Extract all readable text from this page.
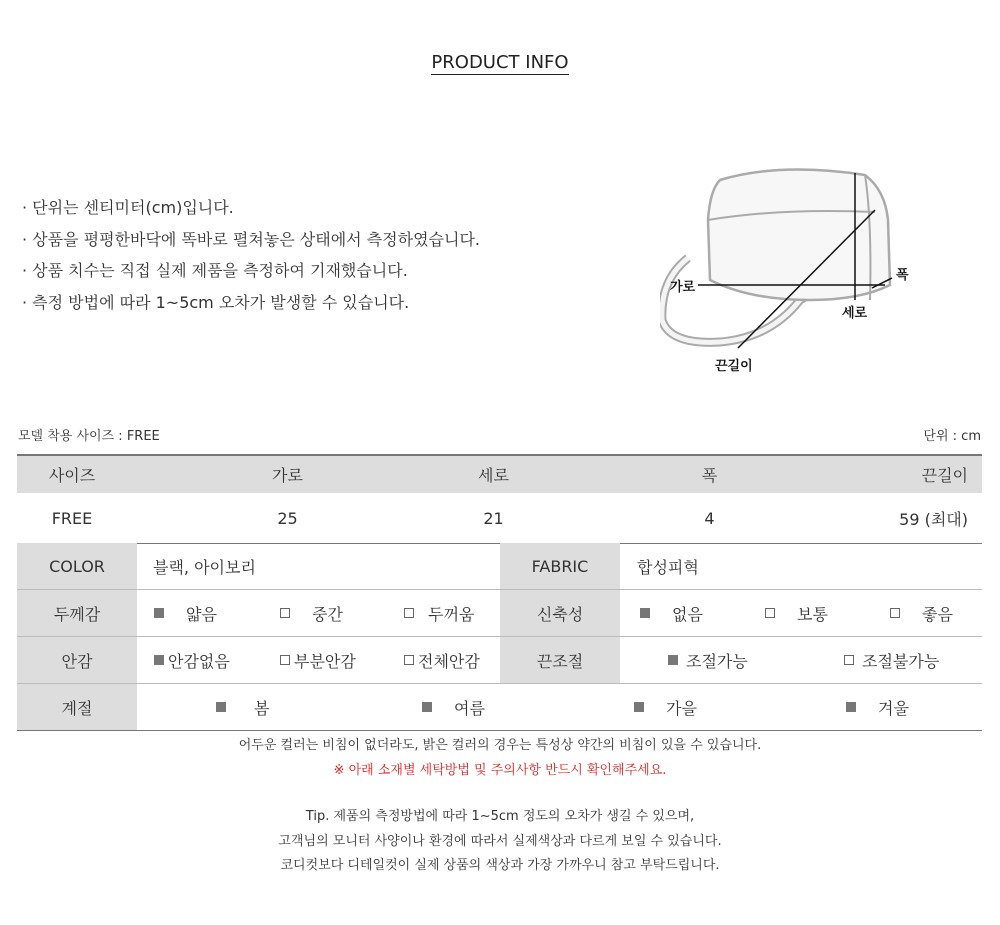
PRODUCT INFO
· 단위는 센티미터(cm)입니다.
· 상품을 평평한바닥에 똑바로 펼쳐놓은 상태에서 측정하였습니다.
· 상품 치수는 직접 실제 제품을 측정하여 기재했습니다.
· 측정 방법에 따라 1~5cm 오차가 발생할 수 있습니다.
가로
세로
폭
끈길이
모델 착용 사이즈 : FREE	단위 : cm
사이즈	가로	세로	폭	끈길이
FREE	25	21	4	59 (최대)
COLOR	블랙, 아이보리	FABRIC	합성피혁
두께감	얇음	중간	두꺼움	신축성	없음	보통	좋음
안감	안감없음	부분안감	전체안감	끈조절	조절가능	조절불가능
계절	봄	여름	가을	겨울
어두운 컬러는 비침이 없더라도, 밝은 컬러의 경우는 특성상 약간의 비침이 있을 수 있습니다.
※ 아래 소재별 세탁방법 및 주의사항 반드시 확인해주세요.
Tip. 제품의 측정방법에 따라 1~5cm 정도의 오차가 생길 수 있으며,
고객님의 모니터 사양이나 환경에 따라서 실제색상과 다르게 보일 수 있습니다.
코디컷보다 디테일컷이 실제 상품의 색상과 가장 가까우니 참고 부탁드립니다.
